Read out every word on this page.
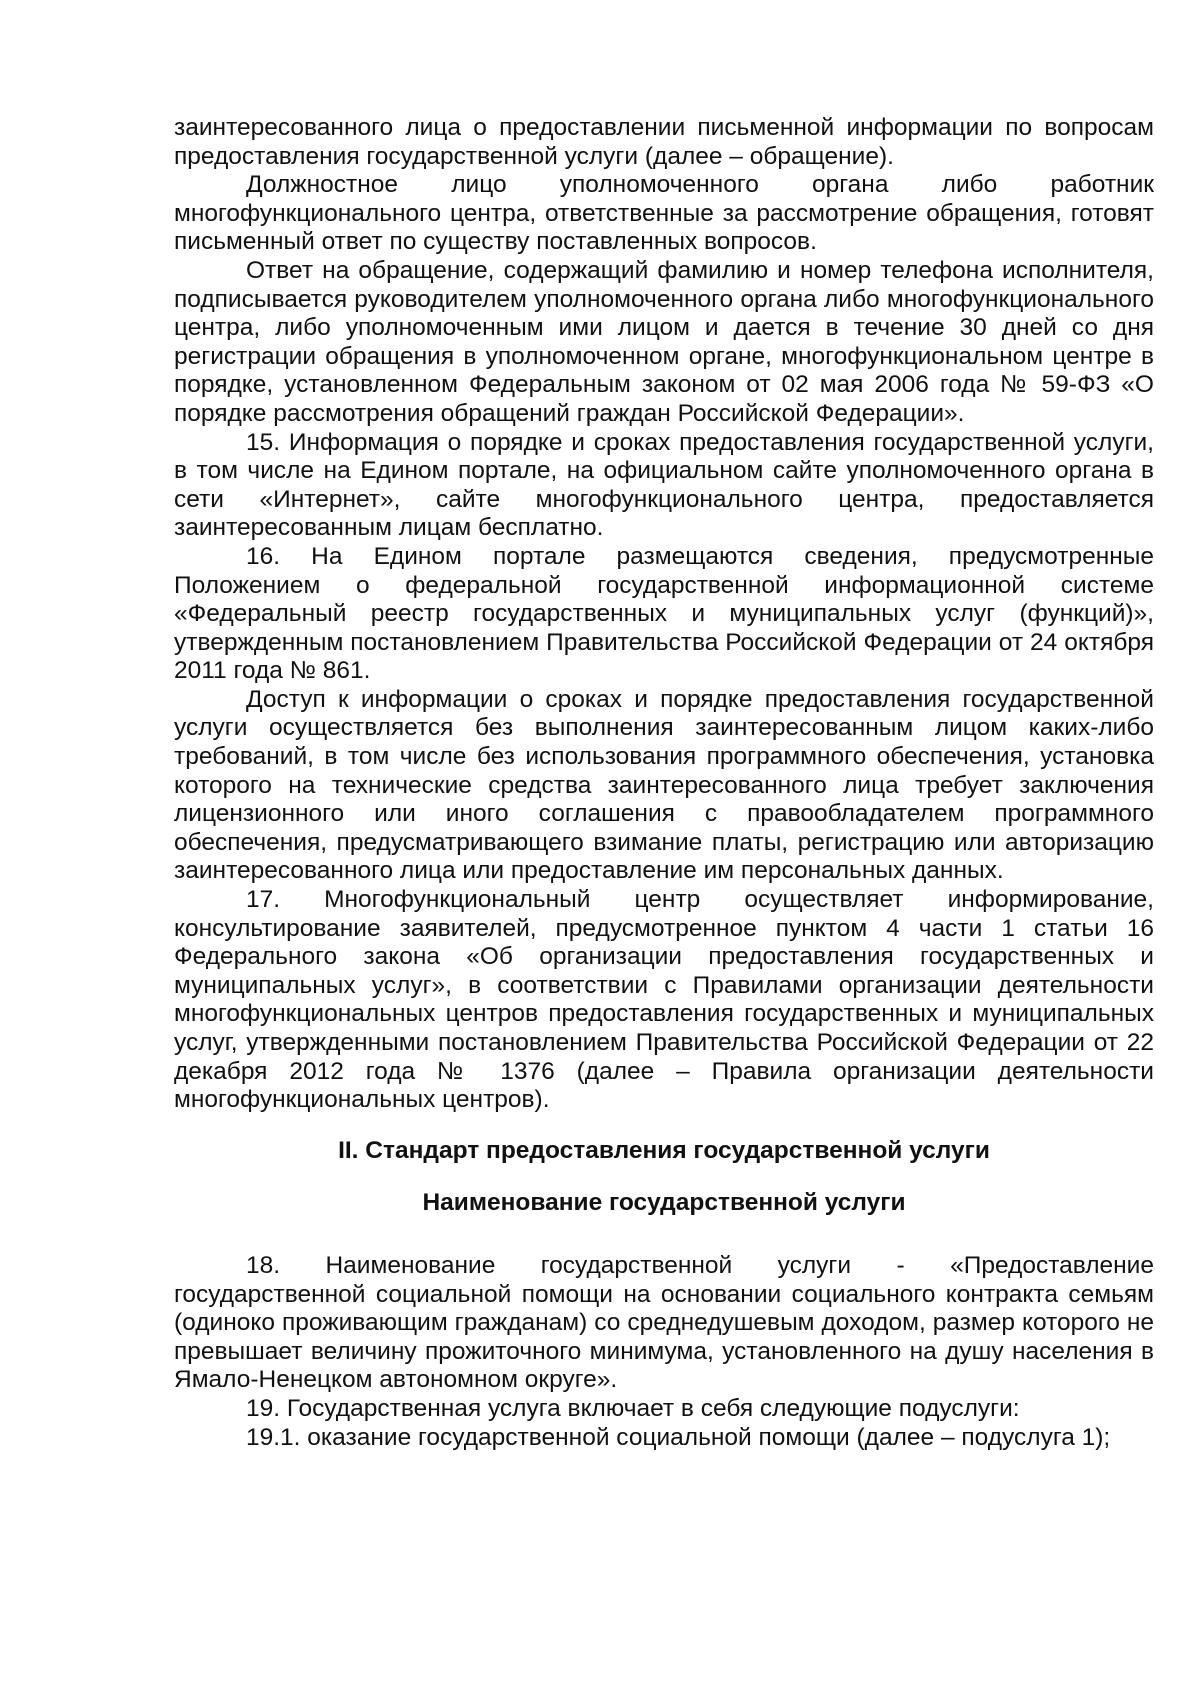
заинтересованного лица о предоставлении письменной информации по вопросам предоставления государственной услуги (далее – обращение).

Должностное лицо уполномоченного органа либо работник многофункционального центра, ответственные за рассмотрение обращения, готовят письменный ответ по существу поставленных вопросов.

Ответ на обращение, содержащий фамилию и номер телефона исполнителя, подписывается руководителем уполномоченного органа либо многофункционального центра, либо уполномоченным ими лицом и дается в течение 30 дней со дня регистрации обращения в уполномоченном органе, многофункциональном центре в порядке, установленном Федеральным законом от 02 мая 2006 года № 59-ФЗ «О порядке рассмотрения обращений граждан Российской Федерации».

15. Информация о порядке и сроках предоставления государственной услуги, в том числе на Едином портале, на официальном сайте уполномоченного органа в сети «Интернет», сайте многофункционального центра, предоставляется заинтересованным лицам бесплатно.

16. На Едином портале размещаются сведения, предусмотренные Положением о федеральной государственной информационной системе «Федеральный реестр государственных и муниципальных услуг (функций)», утвержденным постановлением Правительства Российской Федерации от 24 октября 2011 года № 861.

Доступ к информации о сроках и порядке предоставления государственной услуги осуществляется без выполнения заинтересованным лицом каких-либо требований, в том числе без использования программного обеспечения, установка которого на технические средства заинтересованного лица требует заключения лицензионного или иного соглашения с правообладателем программного обеспечения, предусматривающего взимание платы, регистрацию или авторизацию заинтересованного лица или предоставление им персональных данных.

17. Многофункциональный центр осуществляет информирование, консультирование заявителей, предусмотренное пунктом 4 части 1 статьи 16 Федерального закона «Об организации предоставления государственных и муниципальных услуг», в соответствии с Правилами организации деятельности многофункциональных центров предоставления государственных и муниципальных услуг, утвержденными постановлением Правительства Российской Федерации от 22 декабря 2012 года № 1376 (далее – Правила организации деятельности многофункциональных центров).

II. Стандарт предоставления государственной услуги

Наименование государственной услуги

18. Наименование государственной услуги - «Предоставление государственной социальной помощи на основании социального контракта семьям (одиноко проживающим гражданам) со среднедушевым доходом, размер которого не превышает величину прожиточного минимума, установленного на душу населения в Ямало-Ненецком автономном округе».

19. Государственная услуга включает в себя следующие подуслуги:

19.1. оказание государственной социальной помощи (далее – подуслуга 1);
